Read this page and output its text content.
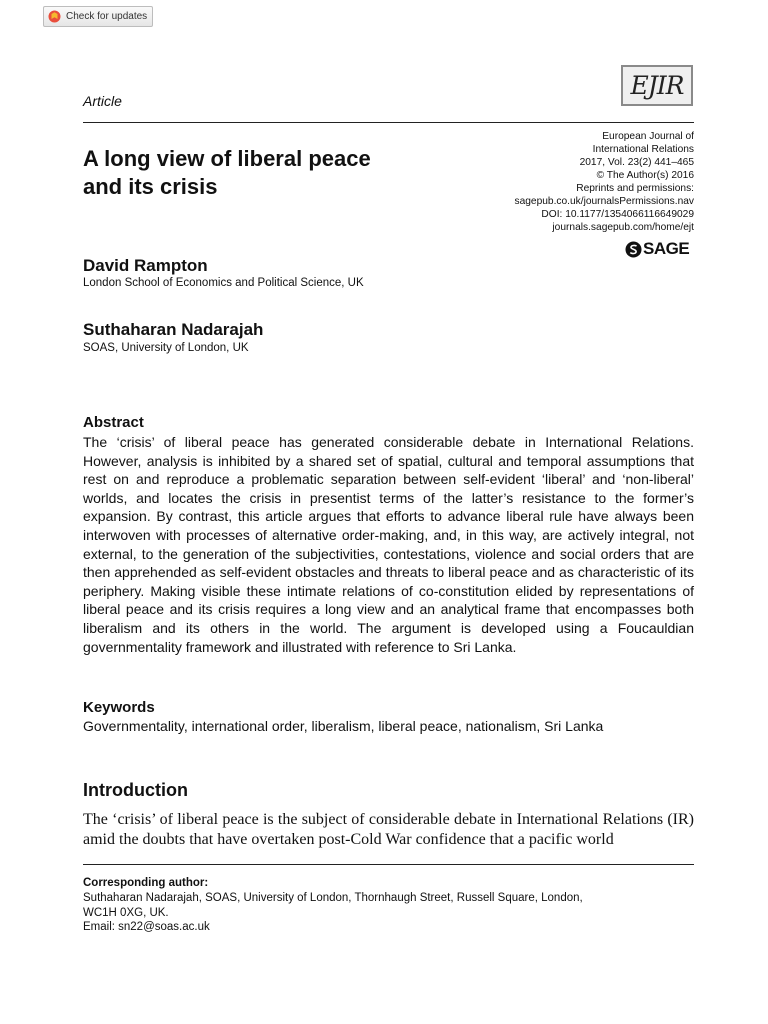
Check for updates
EJIR
Article
A long view of liberal peace and its crisis
European Journal of
International Relations
2017, Vol. 23(2) 441–465
© The Author(s) 2016
Reprints and permissions:
sagepub.co.uk/journalsPermissions.nav
DOI: 10.1177/1354066116649029
journals.sagepub.com/home/ejt
SAGE
David Rampton
London School of Economics and Political Science, UK
Suthaharan Nadarajah
SOAS, University of London, UK
Abstract

The ‘crisis’ of liberal peace has generated considerable debate in International Relations. However, analysis is inhibited by a shared set of spatial, cultural and temporal assumptions that rest on and reproduce a problematic separation between self-evident ‘liberal’ and ‘non-liberal’ worlds, and locates the crisis in presentist terms of the latter’s resistance to the former’s expansion. By contrast, this article argues that efforts to advance liberal rule have always been interwoven with processes of alternative order-making, and, in this way, are actively integral, not external, to the generation of the subjectivities, contestations, violence and social orders that are then apprehended as self-evident obstacles and threats to liberal peace and as characteristic of its periphery. Making visible these intimate relations of co-constitution elided by representations of liberal peace and its crisis requires a long view and an analytical frame that encompasses both liberalism and its others in the world. The argument is developed using a Foucauldian governmentality framework and illustrated with reference to Sri Lanka.

Keywords
Governmentality, international order, liberalism, liberal peace, nationalism, Sri Lanka
Introduction

The ‘crisis’ of liberal peace is the subject of considerable debate in International Relations (IR) amid the doubts that have overtaken post-Cold War confidence that a pacific world

Corresponding author:
Suthaharan Nadarajah, SOAS, University of London, Thornhaugh Street, Russell Square, London,
WC1H 0XG, UK.
Email: sn22@soas.ac.uk
